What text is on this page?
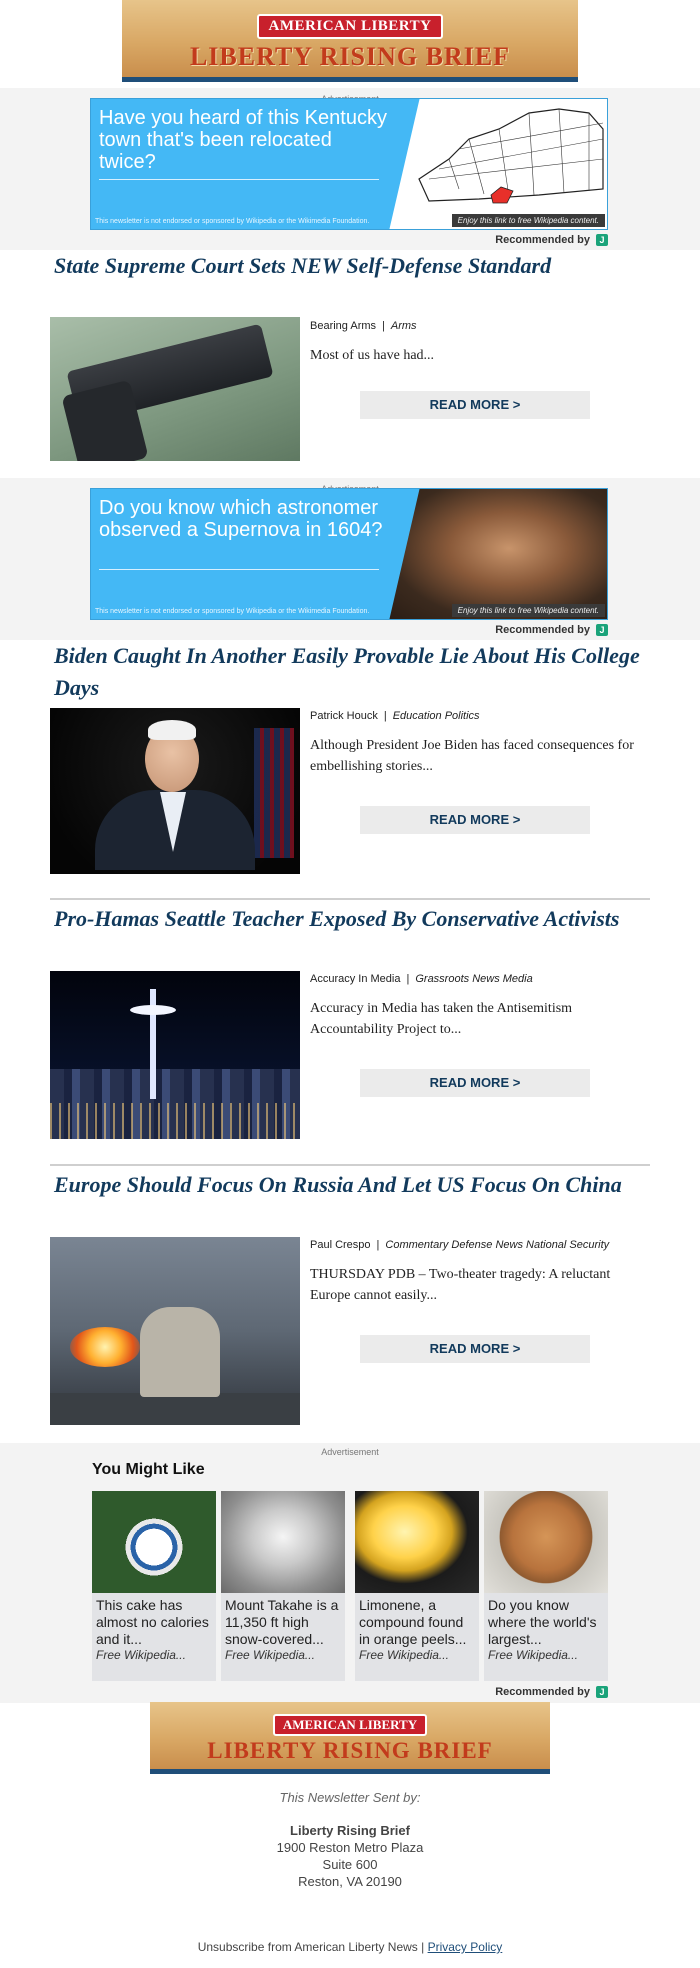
AMERICAN LIBERTY
LIBERTY RISING BRIEF
Have you heard of this Kentucky town that's been relocated twice?
This newsletter is not endorsed or sponsored by Wikipedia or the Wikimedia Foundation.	Enjoy this link to free Wikipedia content.
Recommended by J
State Supreme Court Sets NEW Self-Defense Standard
Bearing Arms | Arms
Most of us have had...
READ MORE >
Do you know which astronomer observed a Supernova in 1604?
This newsletter is not endorsed or sponsored by Wikipedia or the Wikimedia Foundation.	Enjoy this link to free Wikipedia content.
Recommended by J
Biden Caught In Another Easily Provable Lie About His College Days
Patrick Houck | Education Politics
Although President Joe Biden has faced consequences for embellishing stories...
READ MORE >
Pro-Hamas Seattle Teacher Exposed By Conservative Activists
Accuracy In Media | Grassroots News Media
Accuracy in Media has taken the Antisemitism Accountability Project to...
READ MORE >
Europe Should Focus On Russia And Let US Focus On China
Paul Crespo | Commentary Defense News National Security
THURSDAY PDB – Two-theater tragedy: A reluctant Europe cannot easily...
READ MORE >
Advertisement
You Might Like
This cake has almost no calories and it...
Free Wikipedia...
Mount Takahe is a 11,350 ft high snow-covered...
Free Wikipedia...
Limonene, a compound found in orange peels...
Free Wikipedia...
Do you know where the world's largest...
Free Wikipedia...
Recommended by J
AMERICAN LIBERTY
LIBERTY RISING BRIEF
This Newsletter Sent by:
Liberty Rising Brief
1900 Reston Metro Plaza
Suite 600
Reston, VA 20190
Unsubscribe from American Liberty News | Privacy Policy
